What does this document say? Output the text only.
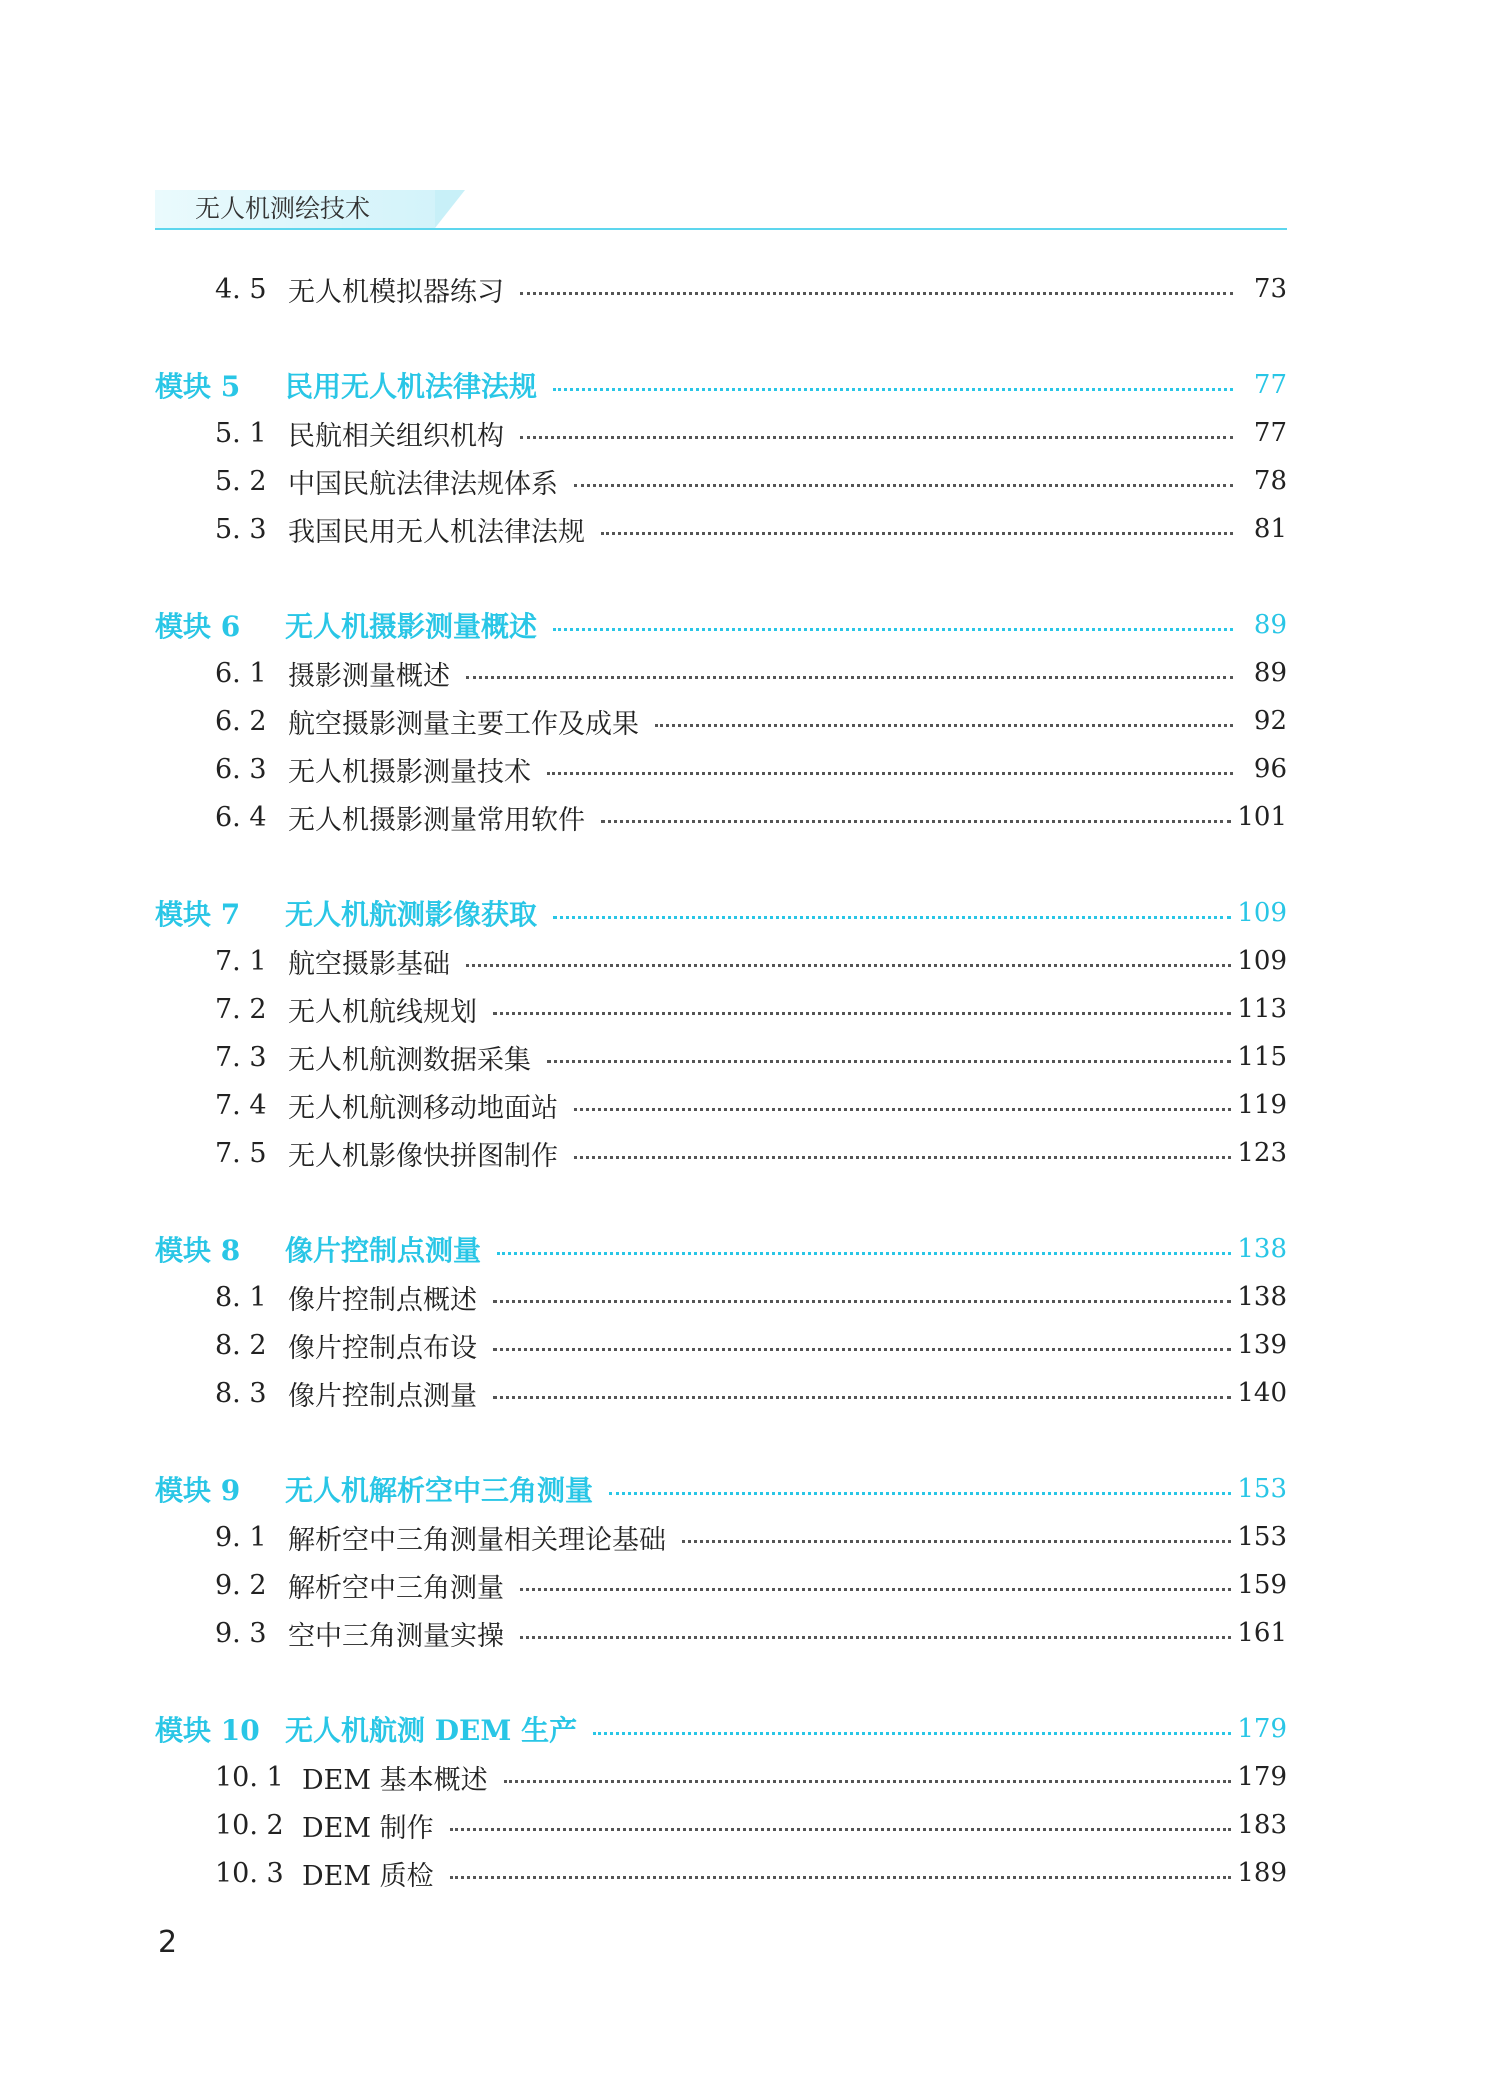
无人机测绘技术
4. 5 无人机模拟器练习	73
模块 5	民用无人机法律法规	77
5. 1 民航相关组织机构	77
5. 2 中国民航法律法规体系	78
5. 3 我国民用无人机法律法规	81
模块 6	无人机摄影测量概述	89
6. 1 摄影测量概述	89
6. 2 航空摄影测量主要工作及成果	92
6. 3 无人机摄影测量技术	96
6. 4 无人机摄影测量常用软件	101
模块 7	无人机航测影像获取	109
7. 1 航空摄影基础	109
7. 2 无人机航线规划	113
7. 3 无人机航测数据采集	115
7. 4 无人机航测移动地面站	119
7. 5 无人机影像快拼图制作	123
模块 8	像片控制点测量	138
8. 1 像片控制点概述	138
8. 2 像片控制点布设	139
8. 3 像片控制点测量	140
模块 9	无人机解析空中三角测量	153
9. 1 解析空中三角测量相关理论基础	153
9. 2 解析空中三角测量	159
9. 3 空中三角测量实操	161
模块 10 无人机航测 DEM 生产	179
10. 1 DEM 基本概述	179
10. 2 DEM 制作	183
10. 3 DEM 质检	189
2
